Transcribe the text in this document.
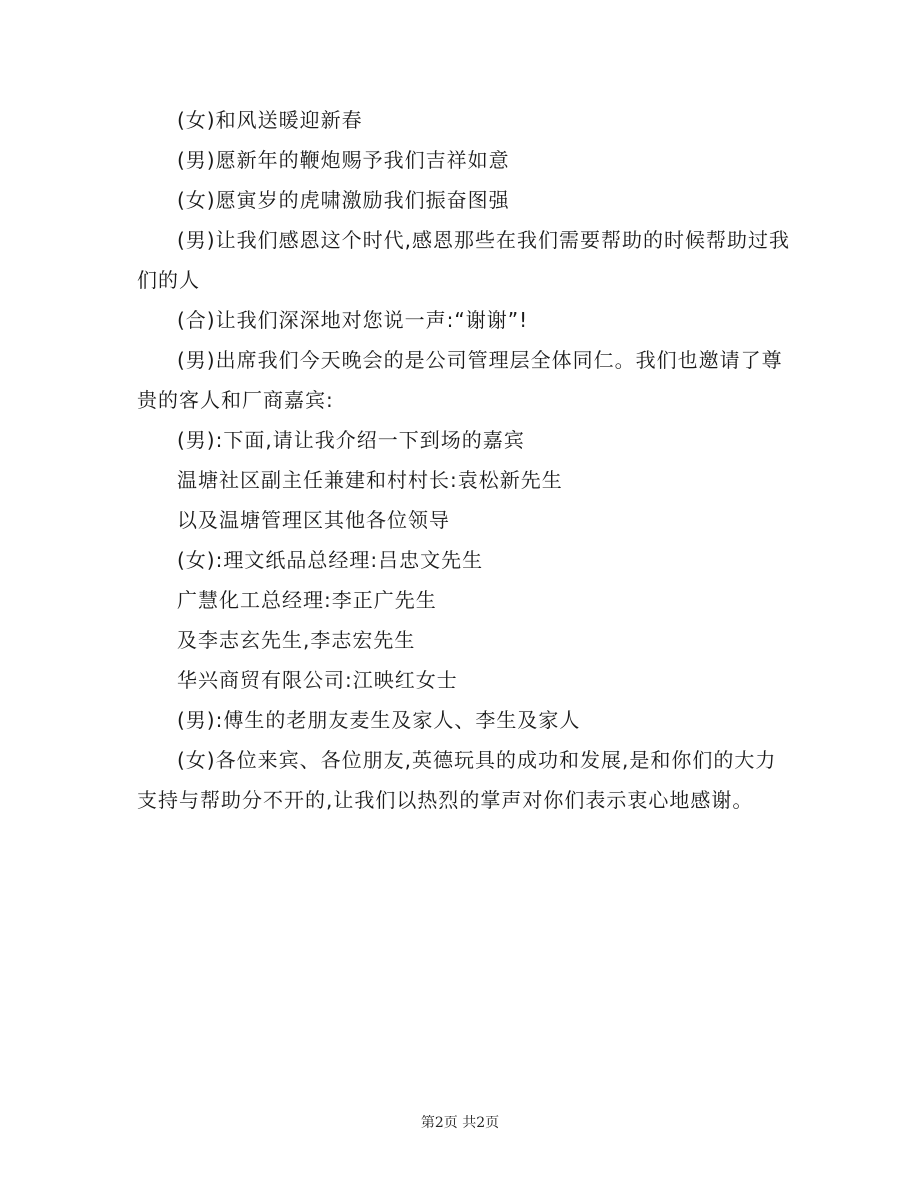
(女)和风送暖迎新春

(男)愿新年的鞭炮赐予我们吉祥如意

(女)愿寅岁的虎啸激励我们振奋图强

(男)让我们感恩这个时代,感恩那些在我们需要帮助的时候帮助过我们的人

(合)让我们深深地对您说一声:“谢谢”!

(男)出席我们今天晚会的是公司管理层全体同仁。我们也邀请了尊贵的客人和厂商嘉宾:

(男):下面,请让我介绍一下到场的嘉宾

温塘社区副主任兼建和村村长:袁松新先生

以及温塘管理区其他各位领导

(女):理文纸品总经理:吕忠文先生

广慧化工总经理:李正广先生

及李志玄先生,李志宏先生

华兴商贸有限公司:江映红女士

(男):傅生的老朋友麦生及家人、李生及家人

(女)各位来宾、各位朋友,英德玩具的成功和发展,是和你们的大力支持与帮助分不开的,让我们以热烈的掌声对你们表示衷心地感谢。

第2页 共2页
